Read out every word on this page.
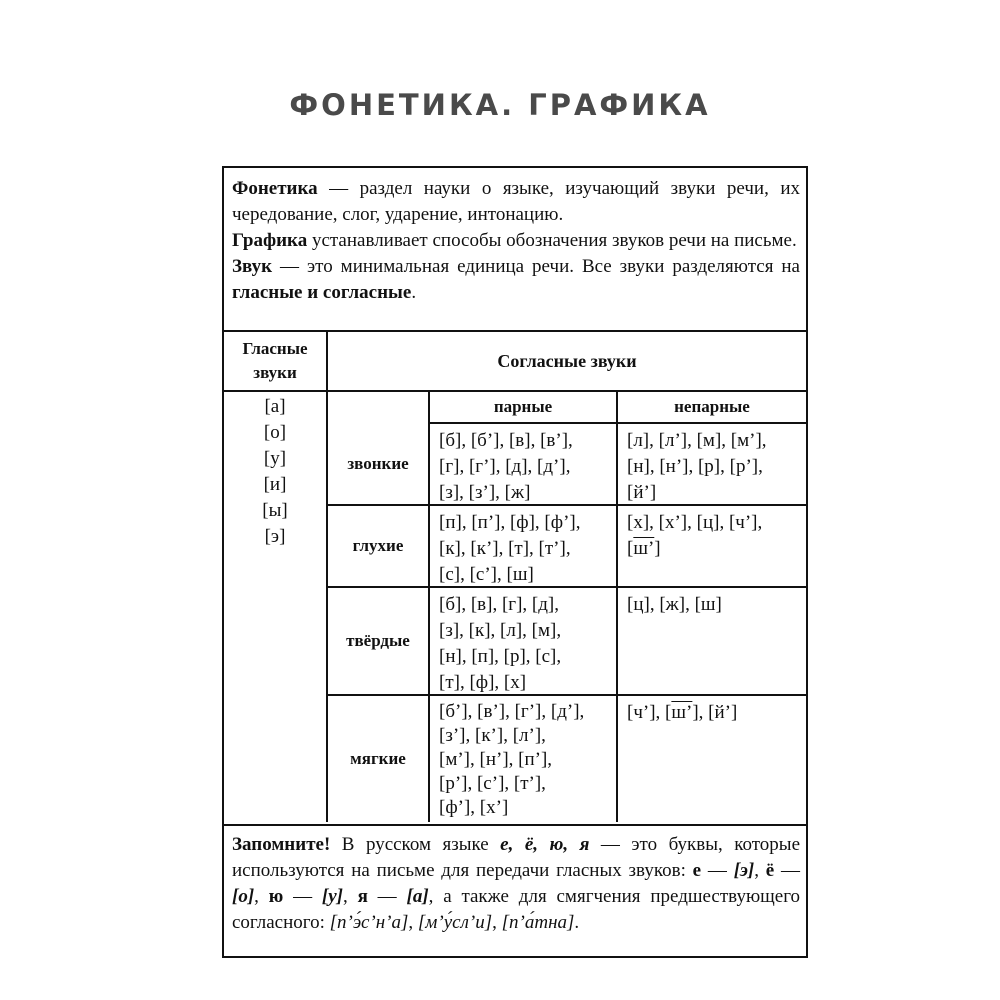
ФОНЕТИКА. ГРАФИКА

Фонетика — раздел науки о языке, изучающий звуки речи, их чередование, слог, ударение, интонацию.

Графика устанавливает способы обозначения звуков речи на письме.

Звук — это минимальная единица речи. Все звуки разделяются на гласные и согласные.

Гласные
звуки
[а]
[о]
[у]
[и]
[ы]
[э]
Согласные звуки
парные	непарные
звонкие
[б], [б’], [в], [в’],
[г], [г’], [д], [д’],
[з], [з’], [ж]
[л], [л’], [м], [м’],
[н], [н’], [р], [р’],
[й’]
глухие
[п], [п’], [ф], [ф’],
[к], [к’], [т], [т’],
[с], [с’], [ш]
[х], [х’], [ц], [ч’],
[ш’]
твёрдые
[б], [в], [г], [д],
[з], [к], [л], [м],
[н], [п], [р], [с],
[т], [ф], [х]
[ц], [ж], [ш]
мягкие
[б’], [в’], [г’], [д’],
[з’], [к’], [л’],
[м’], [н’], [п’],
[р’], [с’], [т’],
[ф’], [х’]
[ч’], [ш’], [й’]
Запомните! В русском языке е, ё, ю, я — это буквы, которые используются на письме для передачи гласных звуков: е — [э], ё — [о], ю — [у], я — [а], а также для смягчения предшествующего согласного: [п’э́с’н’а], [м’у́сл’и], [п’а́тна].
